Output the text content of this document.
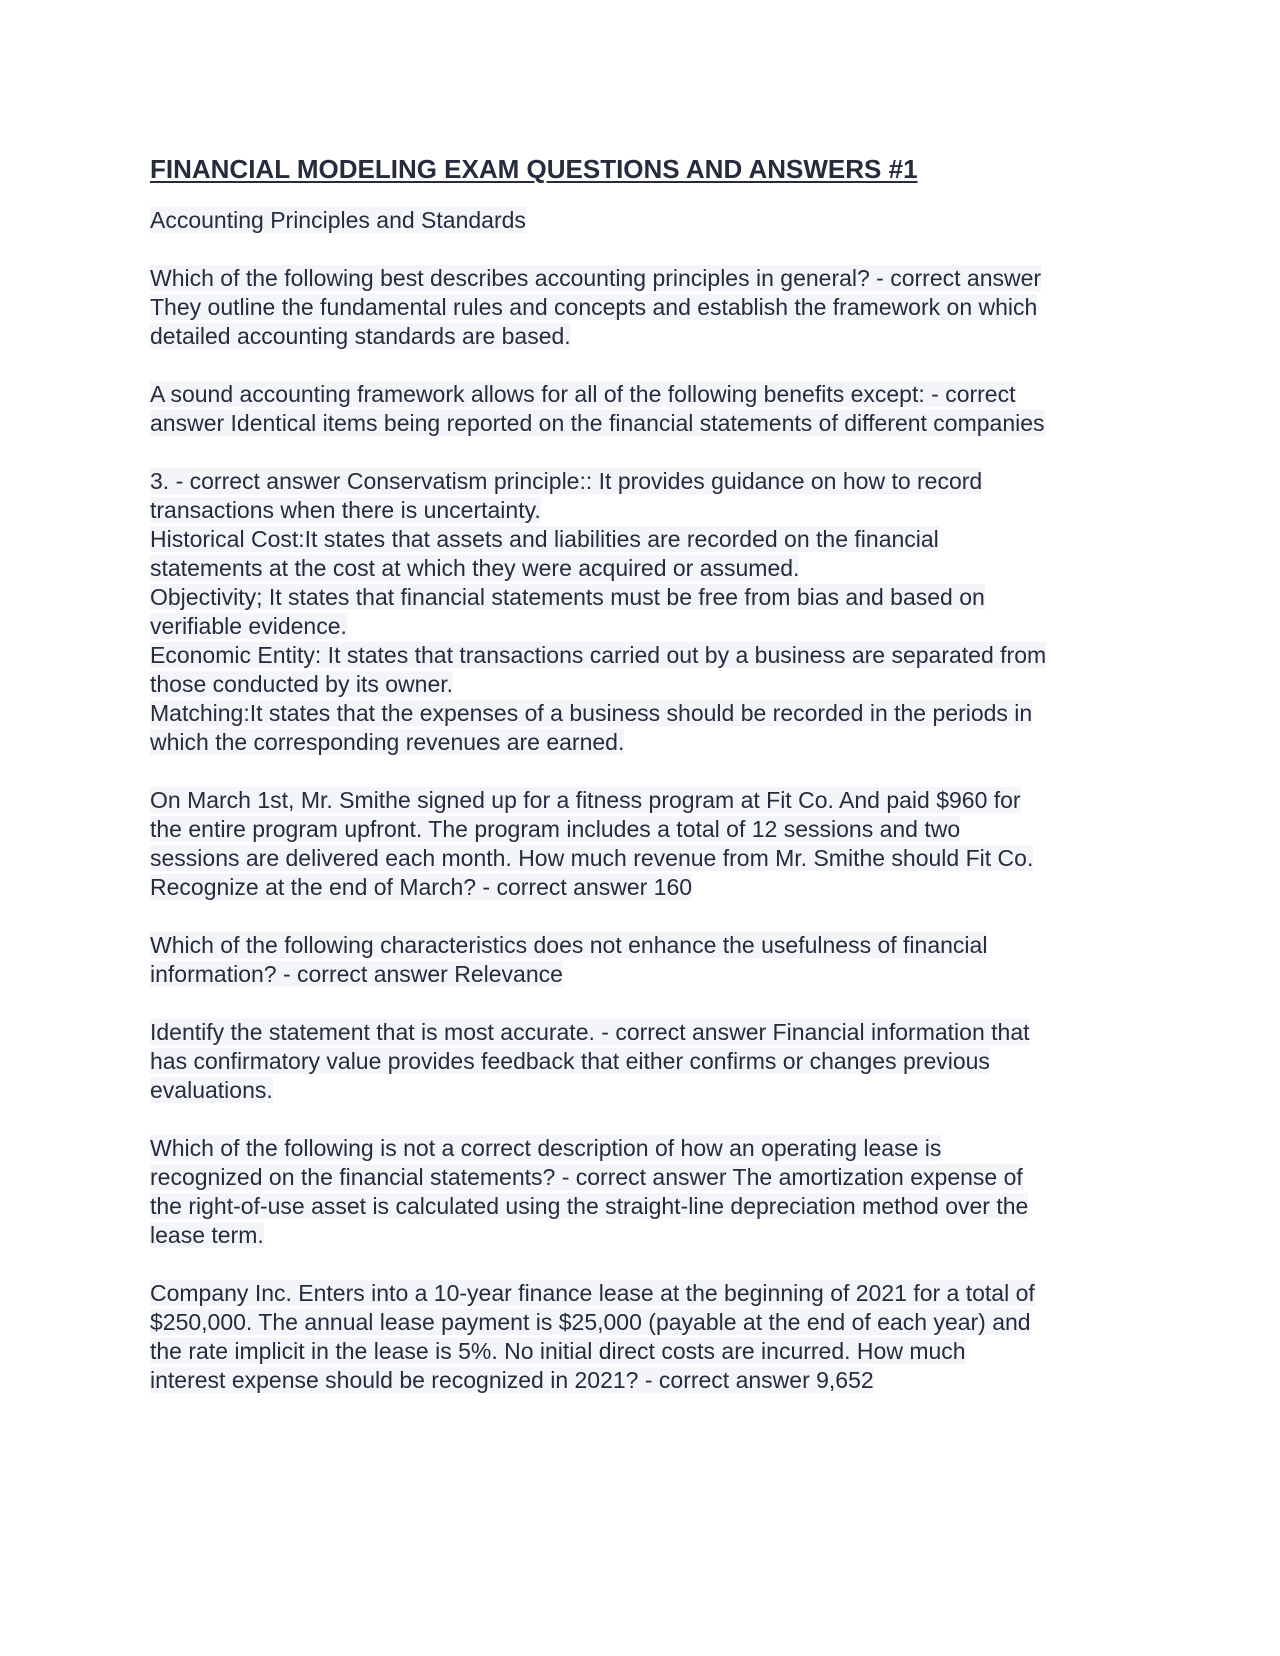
FINANCIAL MODELING EXAM QUESTIONS AND ANSWERS #1

Accounting Principles and Standards

Which of the following best describes accounting principles in general? - correct answer
They outline the fundamental rules and concepts and establish the framework on which
detailed accounting standards are based.

A sound accounting framework allows for all of the following benefits except: - correct
answer Identical items being reported on the financial statements of different companies

3. - correct answer Conservatism principle:: It provides guidance on how to record
transactions when there is uncertainty.

Historical Cost:It states that assets and liabilities are recorded on the financial
statements at the cost at which they were acquired or assumed.

Objectivity; It states that financial statements must be free from bias and based on
verifiable evidence.

Economic Entity: It states that transactions carried out by a business are separated from
those conducted by its owner.

Matching:It states that the expenses of a business should be recorded in the periods in
which the corresponding revenues are earned.

On March 1st, Mr. Smithe signed up for a fitness program at Fit Co. And paid $960 for
the entire program upfront. The program includes a total of 12 sessions and two
sessions are delivered each month. How much revenue from Mr. Smithe should Fit Co.
Recognize at the end of March? - correct answer 160

Which of the following characteristics does not enhance the usefulness of financial
information? - correct answer Relevance

Identify the statement that is most accurate. - correct answer Financial information that
has confirmatory value provides feedback that either confirms or changes previous
evaluations.

Which of the following is not a correct description of how an operating lease is
recognized on the financial statements? - correct answer The amortization expense of
the right-of-use asset is calculated using the straight-line depreciation method over the
lease term.

Company Inc. Enters into a 10-year finance lease at the beginning of 2021 for a total of
$250,000. The annual lease payment is $25,000 (payable at the end of each year) and
the rate implicit in the lease is 5%. No initial direct costs are incurred. How much
interest expense should be recognized in 2021? - correct answer 9,652
